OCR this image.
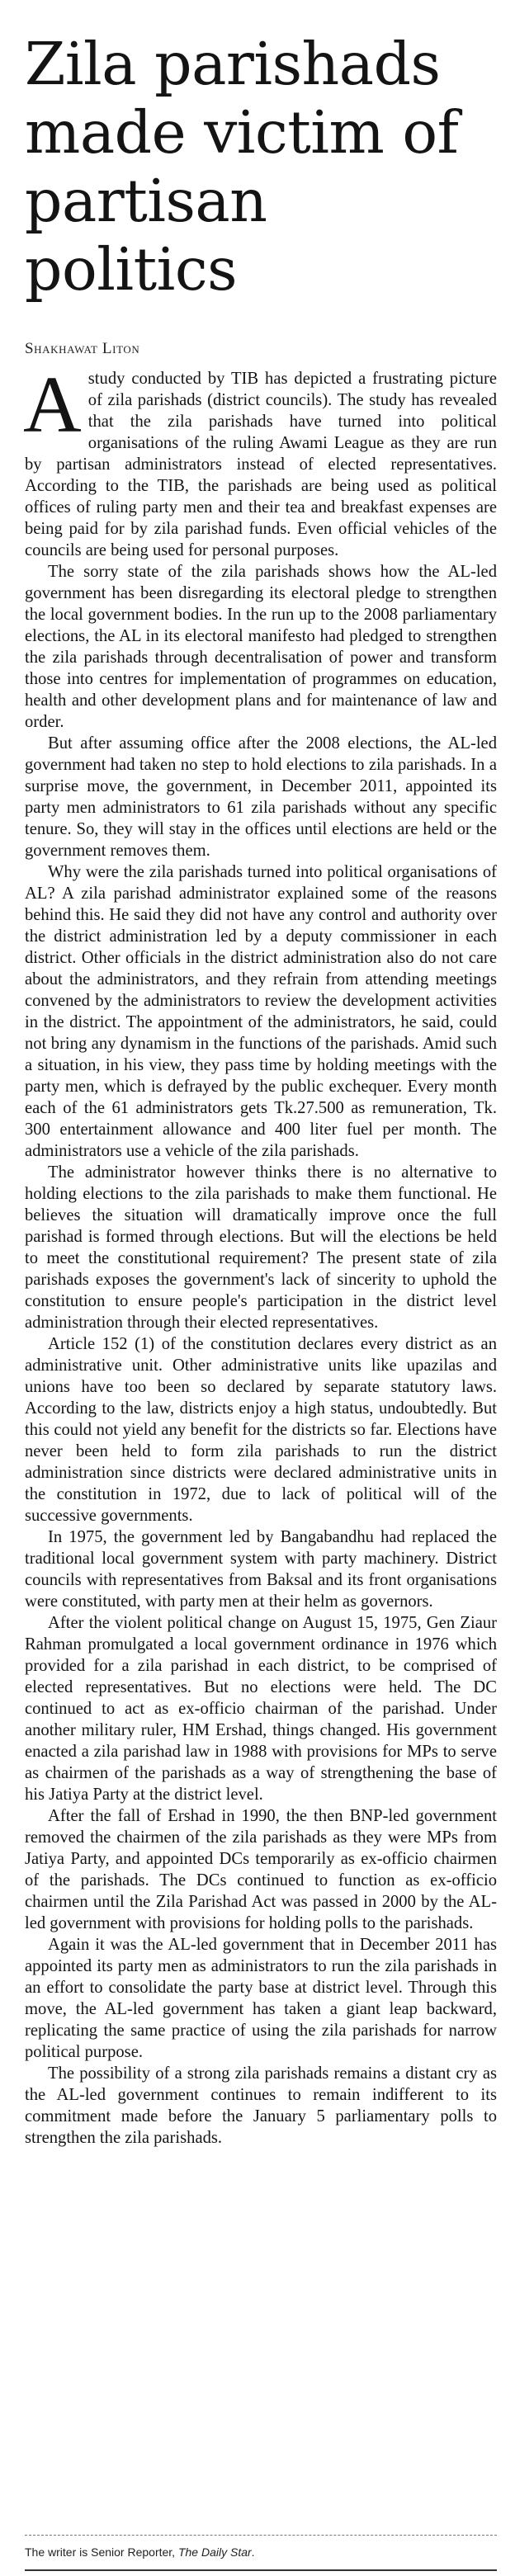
Zila parishads made victim of partisan politics
Shakhawat Liton

Astudy conducted by TIB has depicted a frustrating picture of zila parishads (district councils). The study has revealed that the zila parishads have turned into political organisations of the ruling Awami League as they are run by partisan administrators instead of elected representatives. According to the TIB, the parishads are being used as political offices of ruling party men and their tea and breakfast expenses are being paid for by zila parishad funds. Even official vehicles of the councils are being used for personal purposes.

The sorry state of the zila parishads shows how the AL-led government has been disregarding its electoral pledge to strengthen the local government bodies. In the run up to the 2008 parliamentary elections, the AL in its electoral manifesto had pledged to strengthen the zila parishads through decentralisation of power and transform those into centres for implementation of programmes on education, health and other development plans and for maintenance of law and order.

But after assuming office after the 2008 elections, the AL-led government had taken no step to hold elections to zila parishads. In a surprise move, the government, in December 2011, appointed its party men administrators to 61 zila parishads without any specific tenure. So, they will stay in the offices until elections are held or the government removes them.

Why were the zila parishads turned into political organisations of AL? A zila parishad administrator explained some of the reasons behind this. He said they did not have any control and authority over the district administration led by a deputy commissioner in each district. Other officials in the district administration also do not care about the administrators, and they refrain from attending meetings convened by the administrators to review the development activities in the district. The appointment of the administrators, he said, could not bring any dynamism in the functions of the parishads. Amid such a situation, in his view, they pass time by holding meetings with the party men, which is defrayed by the public exchequer. Every month each of the 61 administrators gets Tk.27.500 as remuneration, Tk. 300 entertainment allowance and 400 liter fuel per month. The administrators use a vehicle of the zila parishads.

The administrator however thinks there is no alternative to holding elections to the zila parishads to make them functional. He believes the situation will dramatically improve once the full parishad is formed through elections. But will the elections be held to meet the constitutional requirement? The present state of zila parishads exposes the government's lack of sincerity to uphold the constitution to ensure people's participation in the district level administration through their elected representatives.

Article 152 (1) of the constitution declares every district as an administrative unit. Other administrative units like upazilas and unions have too been so declared by separate statutory laws. According to the law, districts enjoy a high status, undoubtedly. But this could not yield any benefit for the districts so far. Elections have never been held to form zila parishads to run the district administration since districts were declared administrative units in the constitution in 1972, due to lack of political will of the successive governments.

In 1975, the government led by Bangabandhu had replaced the traditional local government system with party machinery. District councils with representatives from Baksal and its front organisations were constituted, with party men at their helm as governors.

After the violent political change on August 15, 1975, Gen Ziaur Rahman promulgated a local government ordinance in 1976 which provided for a zila parishad in each district, to be comprised of elected representatives. But no elections were held. The DC continued to act as ex-officio chairman of the parishad. Under another military ruler, HM Ershad, things changed. His government enacted a zila parishad law in 1988 with provisions for MPs to serve as chairmen of the parishads as a way of strengthening the base of his Jatiya Party at the district level.

After the fall of Ershad in 1990, the then BNP-led government removed the chairmen of the zila parishads as they were MPs from Jatiya Party, and appointed DCs temporarily as ex-officio chairmen of the parishads. The DCs continued to function as ex-officio chairmen until the Zila Parishad Act was passed in 2000 by the AL-led government with provisions for holding polls to the parishads.

Again it was the AL-led government that in December 2011 has appointed its party men as administrators to run the zila parishads in an effort to consolidate the party base at district level. Through this move, the AL-led government has taken a giant leap backward, replicating the same practice of using the zila parishads for narrow political purpose.

The possibility of a strong zila parishads remains a distant cry as the AL-led government continues to remain indifferent to its commitment made before the January 5 parliamentary polls to strengthen the zila parishads.

The writer is Senior Reporter, The Daily Star.
